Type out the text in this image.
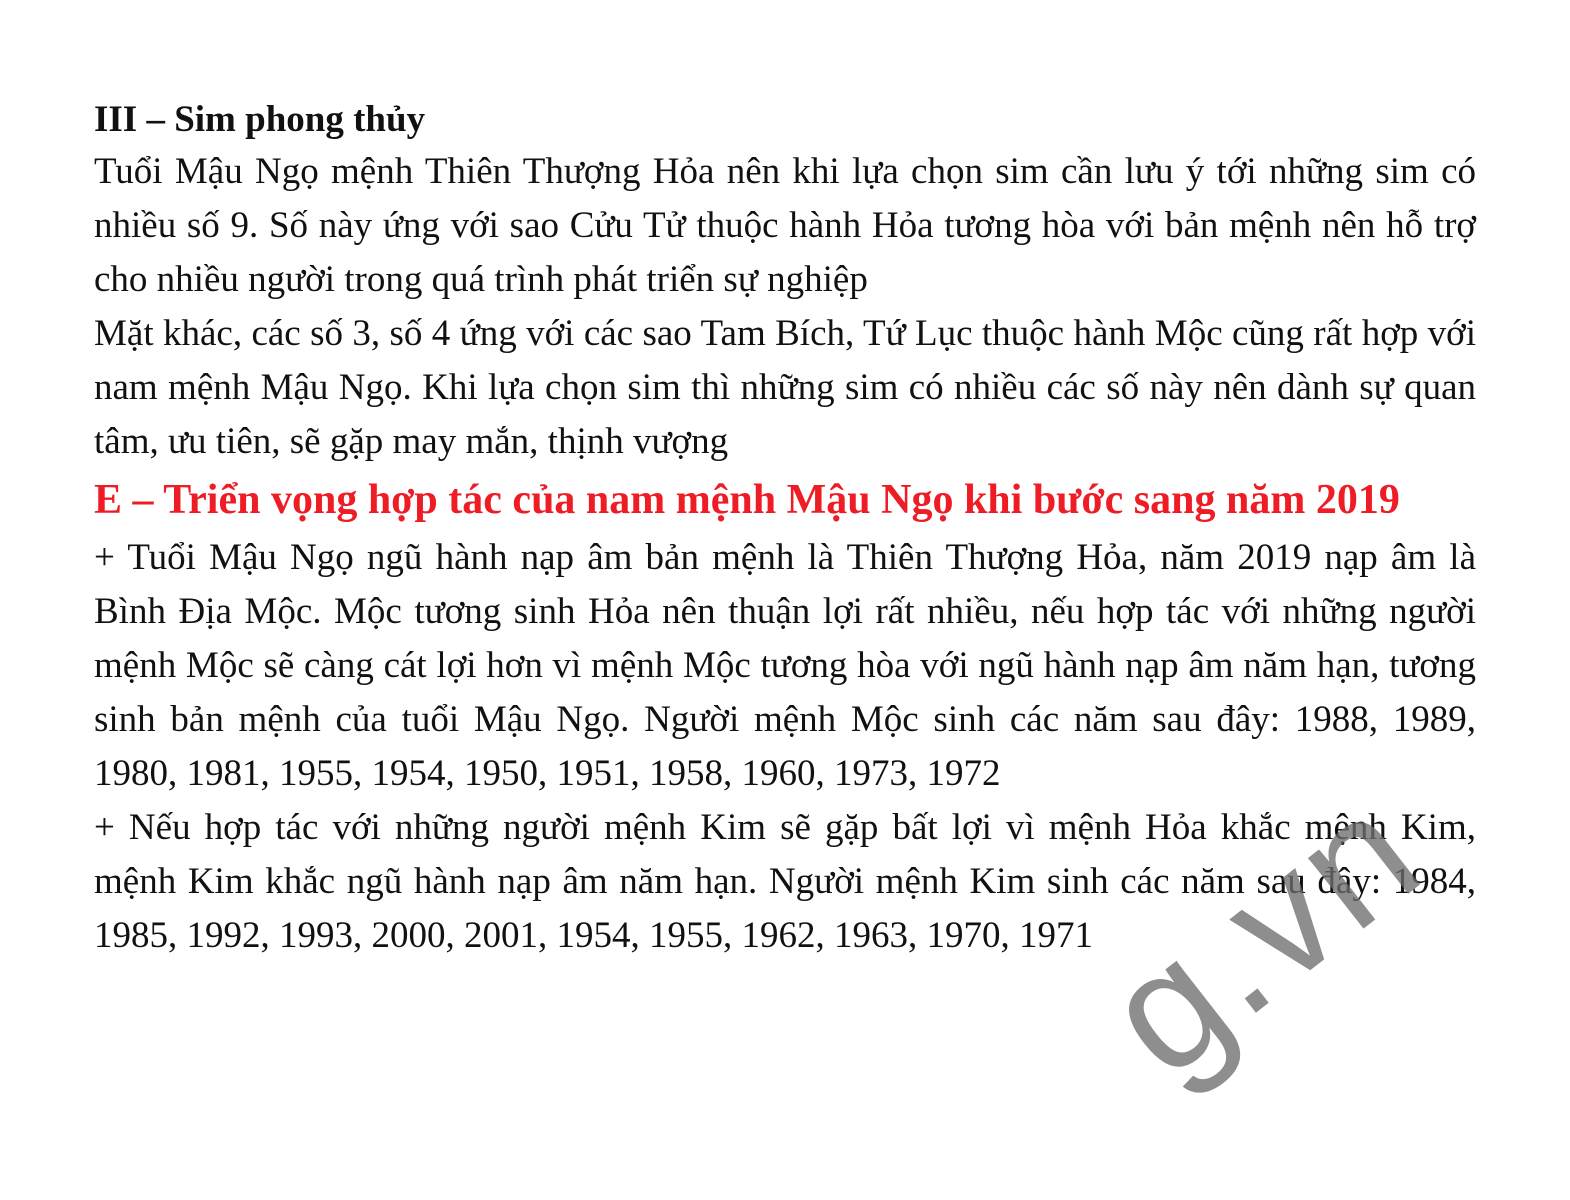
III – Sim phong thủy

Tuổi Mậu Ngọ mệnh Thiên Thượng Hỏa nên khi lựa chọn sim cần lưu ý tới những sim có nhiều số 9. Số này ứng với sao Cửu Tử thuộc hành Hỏa tương hòa với bản mệnh nên hỗ trợ cho nhiều người trong quá trình phát triển sự nghiệp

Mặt khác, các số 3, số 4 ứng với các sao Tam Bích, Tứ Lục thuộc hành Mộc cũng rất hợp với nam mệnh Mậu Ngọ. Khi lựa chọn sim thì những sim có nhiều các số này nên dành sự quan tâm, ưu tiên, sẽ gặp may mắn, thịnh vượng

E – Triển vọng hợp tác của nam mệnh Mậu Ngọ khi bước sang năm 2019

+ Tuổi Mậu Ngọ ngũ hành nạp âm bản mệnh là Thiên Thượng Hỏa, năm 2019 nạp âm là Bình Địa Mộc. Mộc tương sinh Hỏa nên thuận lợi rất nhiều, nếu hợp tác với những người mệnh Mộc sẽ càng cát lợi hơn vì mệnh Mộc tương hòa với ngũ hành nạp âm năm hạn, tương sinh bản mệnh của tuổi Mậu Ngọ. Người mệnh Mộc sinh các năm sau đây: 1988, 1989, 1980, 1981, 1955, 1954, 1950, 1951, 1958, 1960, 1973, 1972

+ Nếu hợp tác với những người mệnh Kim sẽ gặp bất lợi vì mệnh Hỏa khắc mệnh Kim, mệnh Kim khắc ngũ hành nạp âm năm hạn. Người mệnh Kim sinh các năm sau đây: 1984, 1985, 1992, 1993, 2000, 2001, 1954, 1955, 1962, 1963, 1970, 1971

g.vn
